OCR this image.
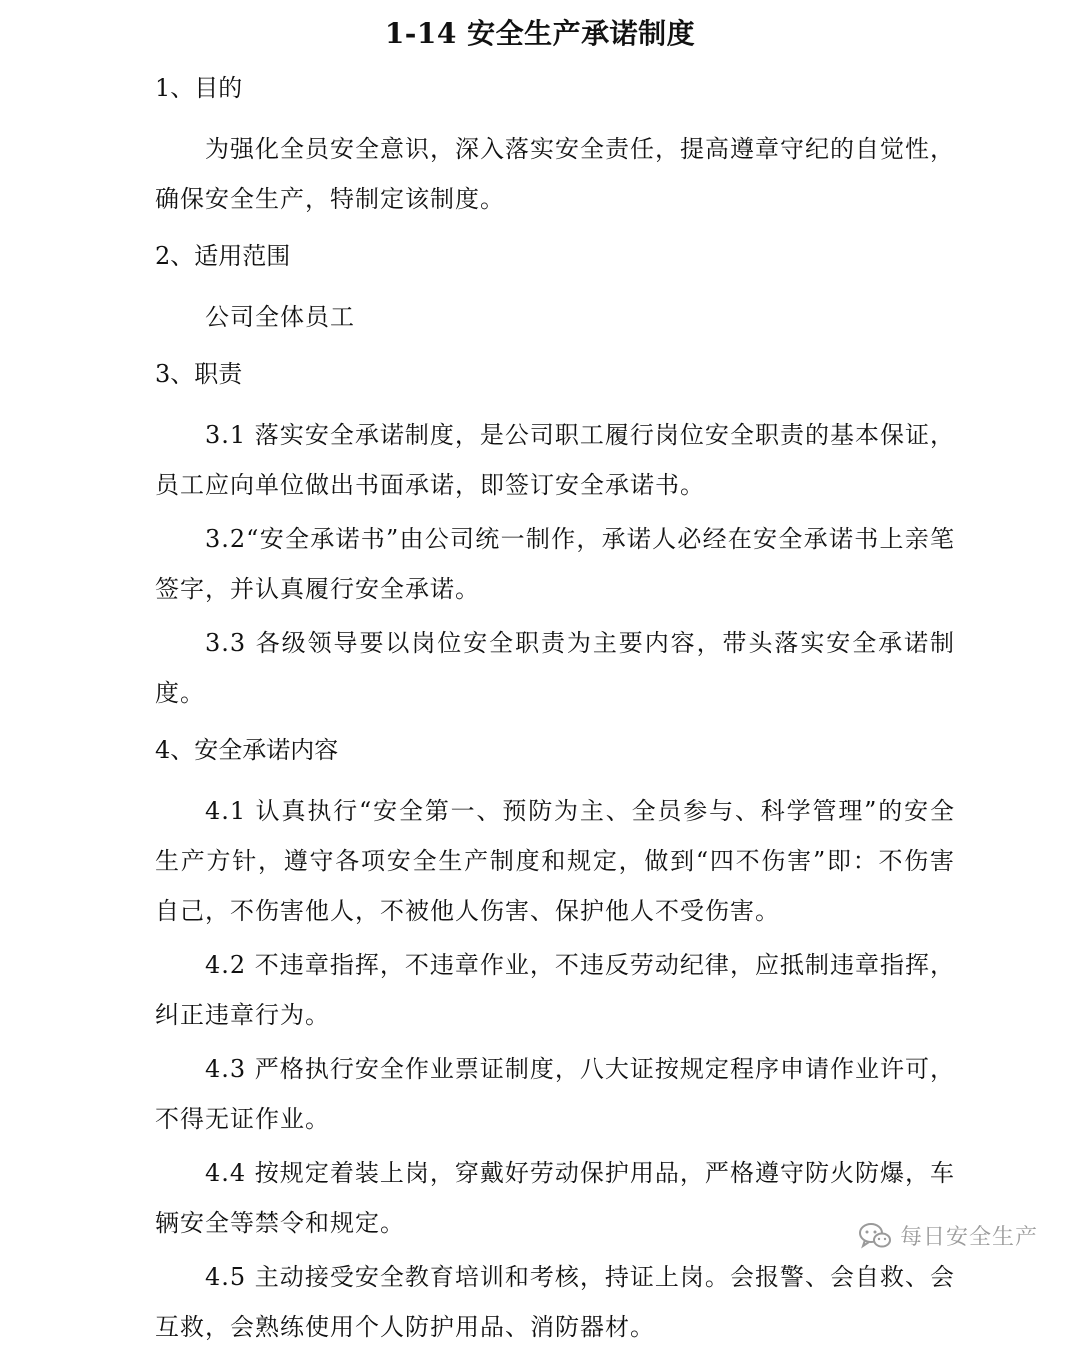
1-14 安全生产承诺制度
1、目的
为强化全员安全意识，深入落实安全责任，提高遵章守纪的自觉性，确保安全生产，特制定该制度。
2、适用范围
公司全体员工
3、职责
3.1 落实安全承诺制度，是公司职工履行岗位安全职责的基本保证，员工应向单位做出书面承诺，即签订安全承诺书。
3.2“安全承诺书”由公司统一制作，承诺人必经在安全承诺书上亲笔签字，并认真履行安全承诺。
3.3 各级领导要以岗位安全职责为主要内容，带头落实安全承诺制度。
4、安全承诺内容
4.1 认真执行“安全第一、预防为主、全员参与、科学管理”的安全生产方针，遵守各项安全生产制度和规定，做到“四不伤害”即：不伤害自己，不伤害他人，不被他人伤害、保护他人不受伤害。
4.2 不违章指挥，不违章作业，不违反劳动纪律，应抵制违章指挥，纠正违章行为。
4.3 严格执行安全作业票证制度，八大证按规定程序申请作业许可，不得无证作业。
4.4 按规定着装上岗，穿戴好劳动保护用品，严格遵守防火防爆，车辆安全等禁令和规定。
4.5 主动接受安全教育培训和考核，持证上岗。会报警、会自救、会互救，会熟练使用个人防护用品、消防器材。
每日安全生产
